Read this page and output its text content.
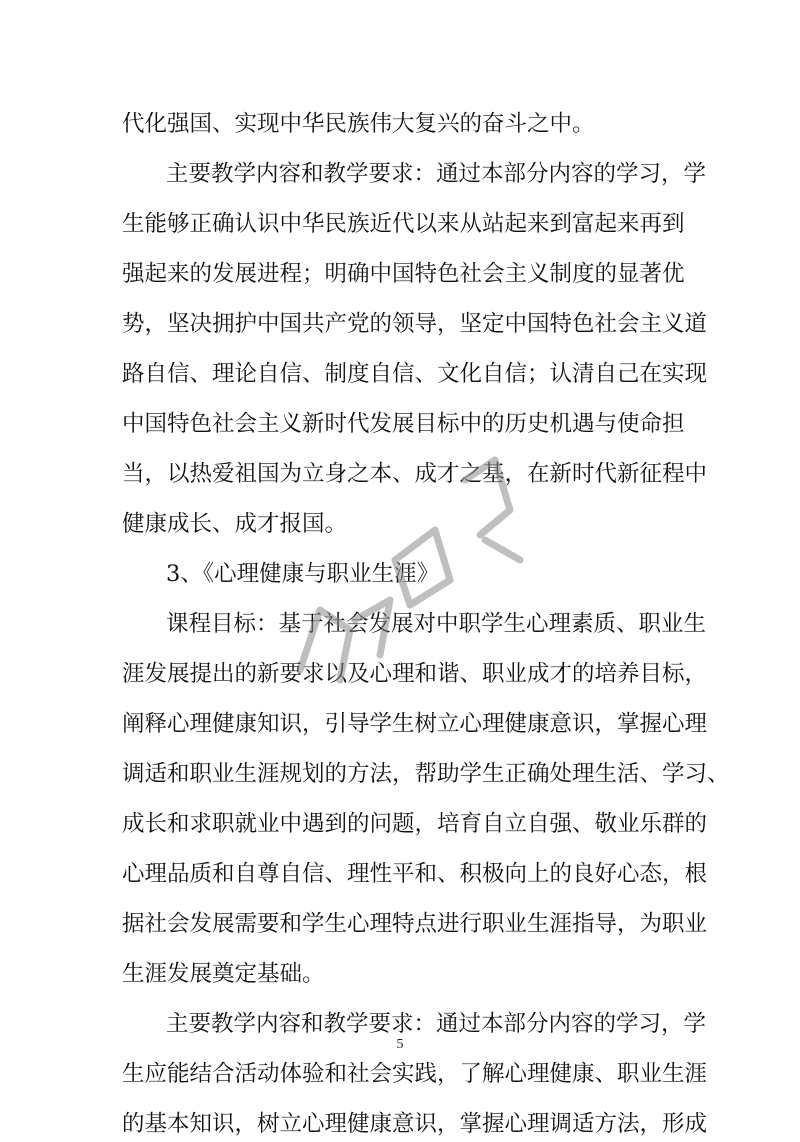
代化强国、实现中华民族伟大复兴的奋斗之中。
主要教学内容和教学要求：通过本部分内容的学习，学
生能够正确认识中华民族近代以来从站起来到富起来再到
强起来的发展进程；明确中国特色社会主义制度的显著优
势，坚决拥护中国共产党的领导，坚定中国特色社会主义道
路自信、理论自信、制度自信、文化自信；认清自己在实现
中国特色社会主义新时代发展目标中的历史机遇与使命担
当，以热爱祖国为立身之本、成才之基，在新时代新征程中
健康成长、成才报国。
3、《心理健康与职业生涯》
课程目标：基于社会发展对中职学生心理素质、职业生
涯发展提出的新要求以及心理和谐、职业成才的培养目标，
阐释心理健康知识，引导学生树立心理健康意识，掌握心理
调适和职业生涯规划的方法，帮助学生正确处理生活、学习、
成长和求职就业中遇到的问题，培育自立自强、敬业乐群的
心理品质和自尊自信、理性平和、积极向上的良好心态，根
据社会发展需要和学生心理特点进行职业生涯指导，为职业
生涯发展奠定基础。
主要教学内容和教学要求：通过本部分内容的学习，学
生应能结合活动体验和社会实践，了解心理健康、职业生涯
的基本知识，树立心理健康意识，掌握心理调适方法，形成
5
